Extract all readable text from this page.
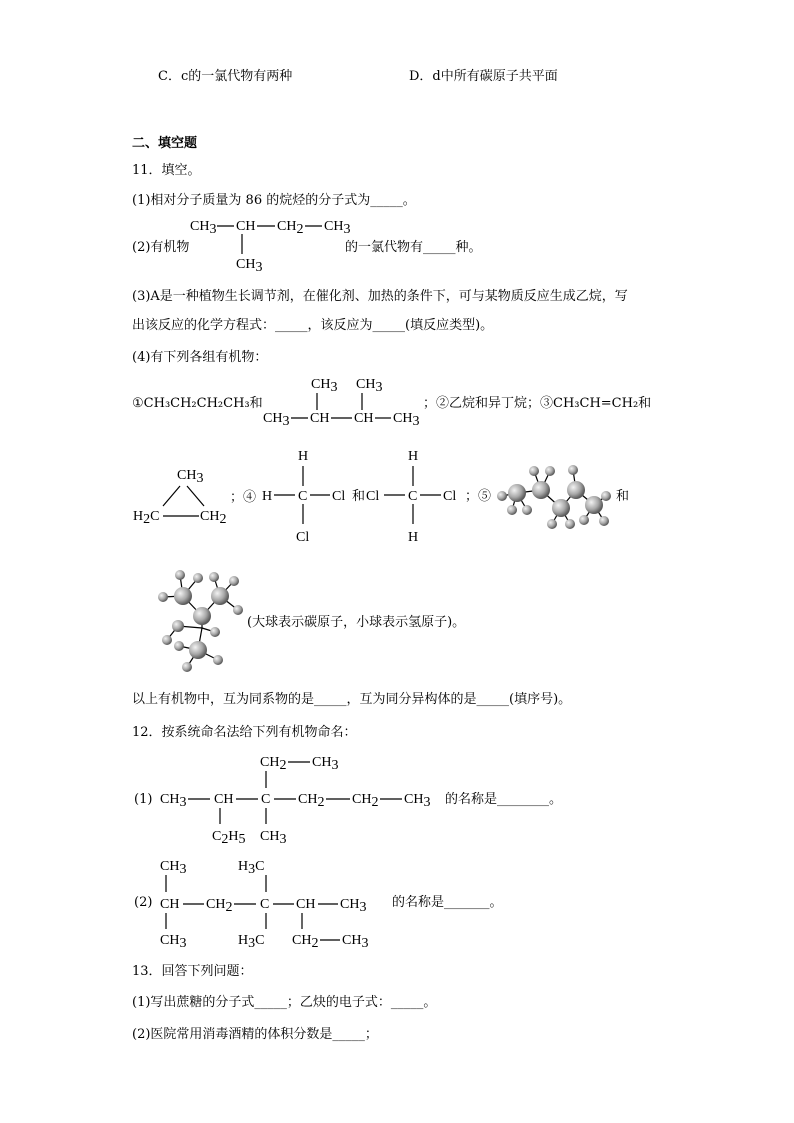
C．c的一氯代物有两种	D．d中所有碳原子共平面
二、填空题
11．填空。
(1)相对分子质量为 86 的烷烃的分子式为_____。
CH3 CH CH2 CH3
CH3
(2)有机物	的一氯代物有_____种。
(3)A是一种植物生长调节剂，在催化剂、加热的条件下，可与某物质反应生成乙烷，写
出该反应的化学方程式：_____，该反应为_____(填反应类型)。
(4)有下列各组有机物：
①CH₃CH₂CH₂CH₃和
CH3 CH3
CH3 CH CH CH3
；②乙烷和异丁烷；③CH₃CH=CH₂和
CH3
H2C	CH2
；④
H
H C Cl
Cl
和
H
Cl C Cl
H
；⑤	和
(大球表示碳原子，小球表示氢原子)。
以上有机物中，互为同系物的是_____，互为同分异构体的是_____(填序号)。
12．按系统命名法给下列有机物命名：
(1)
CH2 CH3
CH3 CH C CH2 CH2 CH3
C2H5 CH3
的名称是________。
(2)
CH3	H3C
CH CH2 C CH CH3
CH3	H3C CH2 CH3
的名称是_______。
13．回答下列问题：
(1)写出蔗糖的分子式_____；乙炔的电子式：_____。
(2)医院常用消毒酒精的体积分数是_____；
